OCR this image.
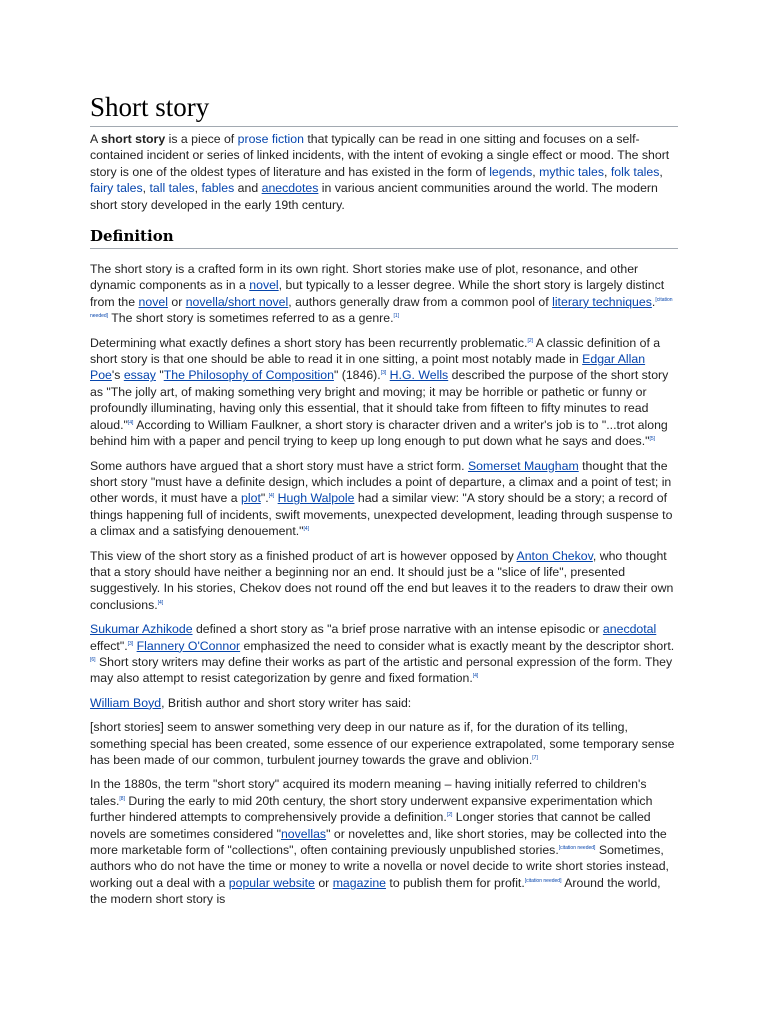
Short story

A short story is a piece of prose fiction that typically can be read in one sitting and focuses on a self-contained incident or series of linked incidents, with the intent of evoking a single effect or mood. The short story is one of the oldest types of literature and has existed in the form of legends, mythic tales, folk tales, fairy tales, tall tales, fables and anecdotes in various ancient communities around the world. The modern short story developed in the early 19th century.

Definition

The short story is a crafted form in its own right. Short stories make use of plot, resonance, and other dynamic components as in a novel, but typically to a lesser degree. While the short story is largely distinct from the novel or novella/short novel, authors generally draw from a common pool of literary techniques.[citation needed] The short story is sometimes referred to as a genre.[1]

Determining what exactly defines a short story has been recurrently problematic.[2] A classic definition of a short story is that one should be able to read it in one sitting, a point most notably made in Edgar Allan Poe's essay "The Philosophy of Composition" (1846).[3] H.G. Wells described the purpose of the short story as "The jolly art, of making something very bright and moving; it may be horrible or pathetic or funny or profoundly illuminating, having only this essential, that it should take from fifteen to fifty minutes to read aloud."[4] According to William Faulkner, a short story is character driven and a writer's job is to "...trot along behind him with a paper and pencil trying to keep up long enough to put down what he says and does."[5]

Some authors have argued that a short story must have a strict form. Somerset Maugham thought that the short story "must have a definite design, which includes a point of departure, a climax and a point of test; in other words, it must have a plot".[4] Hugh Walpole had a similar view: "A story should be a story; a record of things happening full of incidents, swift movements, unexpected development, leading through suspense to a climax and a satisfying denouement."[4]

This view of the short story as a finished product of art is however opposed by Anton Chekov, who thought that a story should have neither a beginning nor an end. It should just be a "slice of life", presented suggestively. In his stories, Chekov does not round off the end but leaves it to the readers to draw their own conclusions.[4]

Sukumar Azhikode defined a short story as "a brief prose narrative with an intense episodic or anecdotal effect".[3] Flannery O'Connor emphasized the need to consider what is exactly meant by the descriptor short.[6] Short story writers may define their works as part of the artistic and personal expression of the form. They may also attempt to resist categorization by genre and fixed formation.[4]

William Boyd, British author and short story writer has said:

[short stories] seem to answer something very deep in our nature as if, for the duration of its telling, something special has been created, some essence of our experience extrapolated, some temporary sense has been made of our common, turbulent journey towards the grave and oblivion.[7]

In the 1880s, the term "short story" acquired its modern meaning – having initially referred to children's tales.[8] During the early to mid 20th century, the short story underwent expansive experimentation which further hindered attempts to comprehensively provide a definition.[2] Longer stories that cannot be called novels are sometimes considered "novellas" or novelettes and, like short stories, may be collected into the more marketable form of "collections", often containing previously unpublished stories.[citation needed] Sometimes, authors who do not have the time or money to write a novella or novel decide to write short stories instead, working out a deal with a popular website or magazine to publish them for profit.[citation needed] Around the world, the modern short story is
